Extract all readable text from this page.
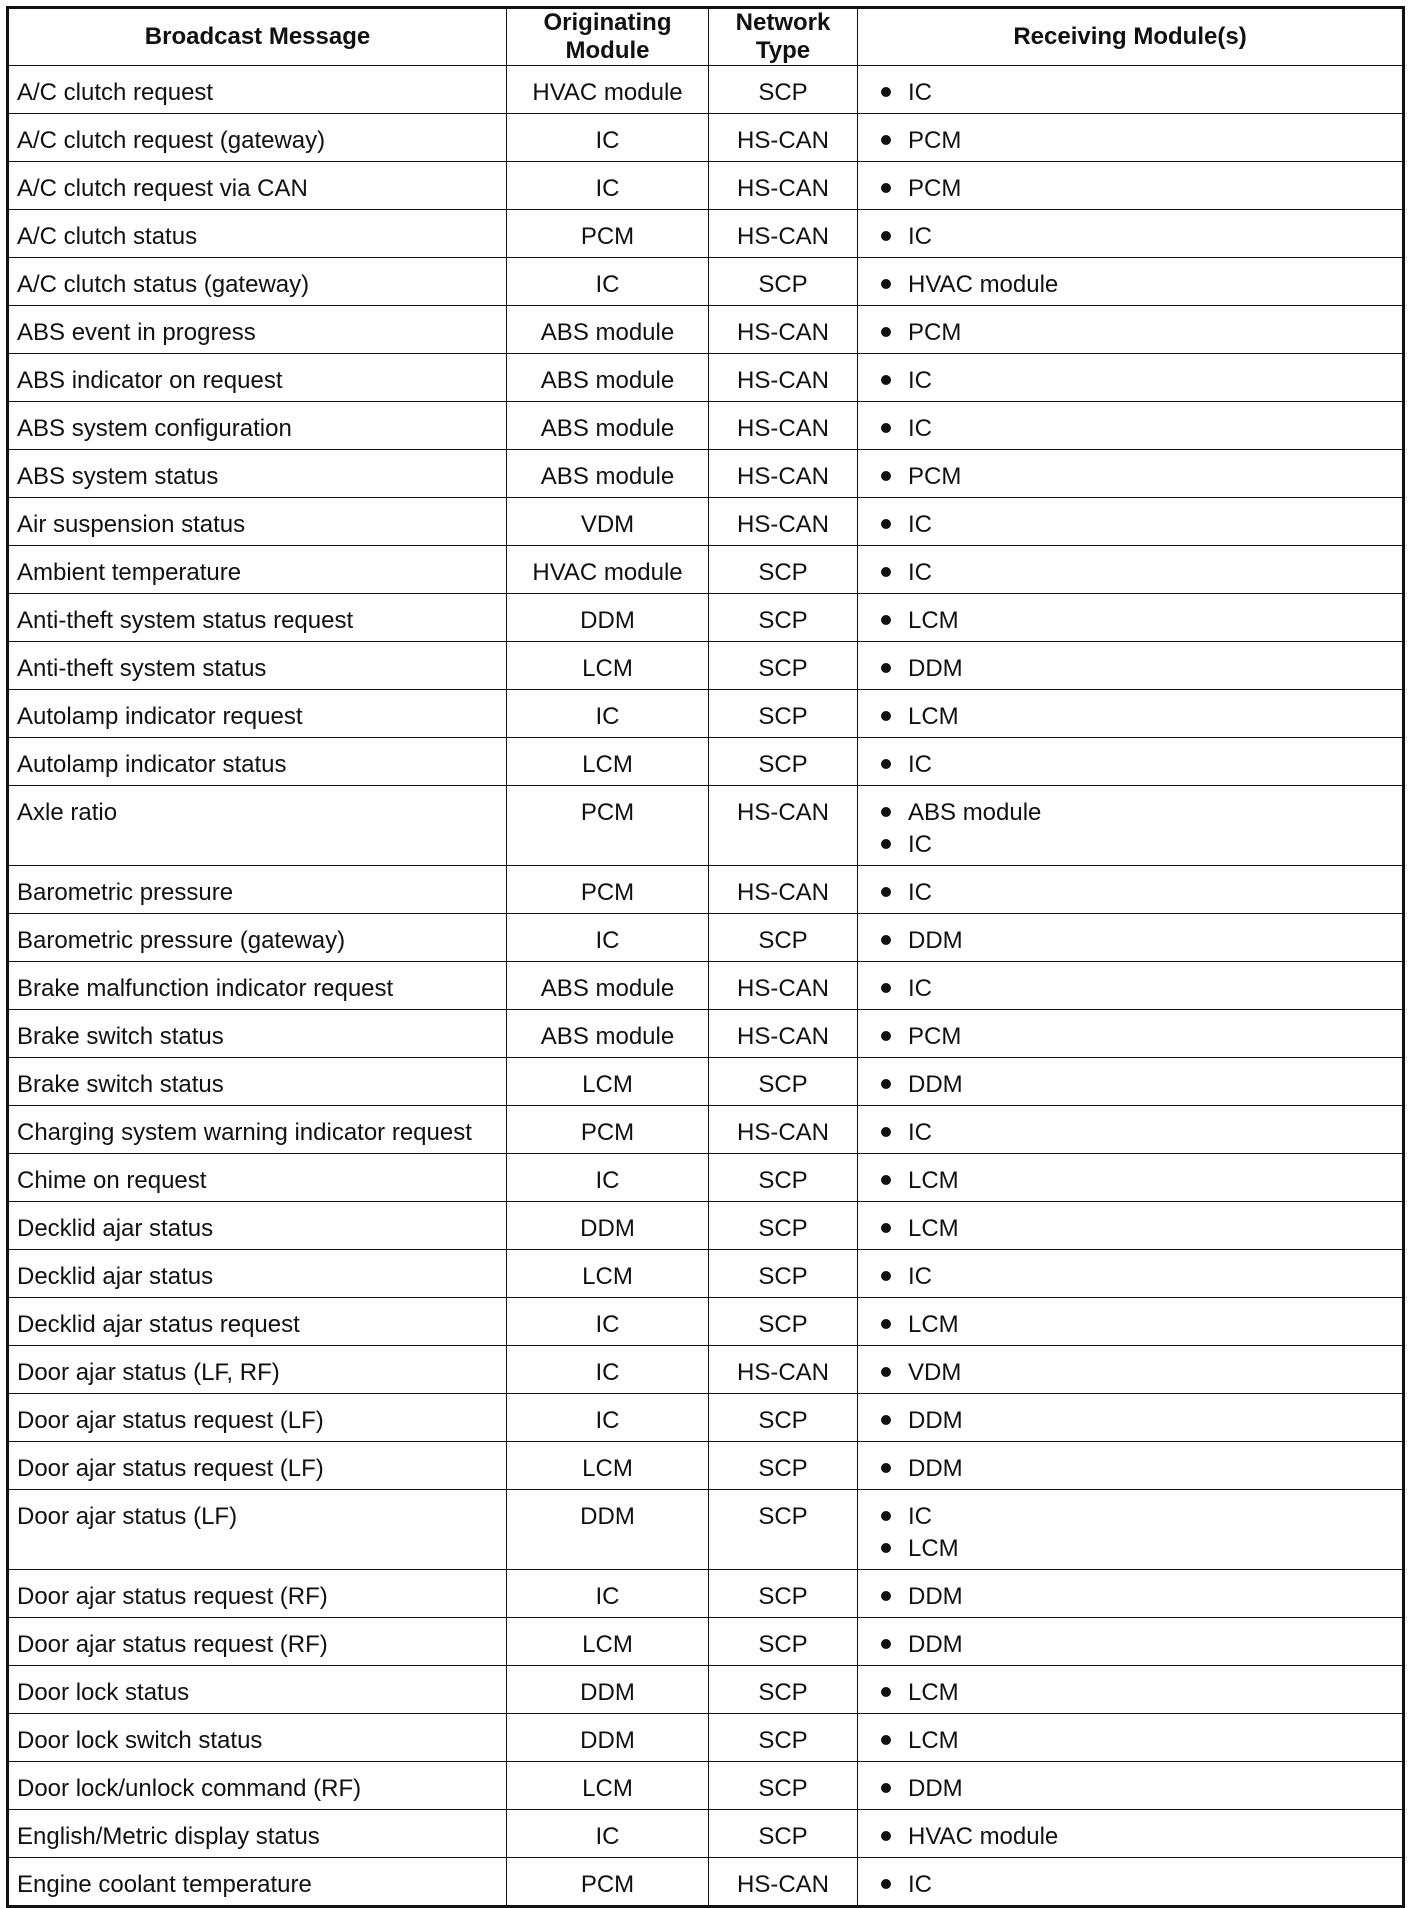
Broadcast Message	Originating Module	Network Type	Receiving Module(s)
A/C clutch request	HVAC module	SCP	IC

A/C clutch request (gateway)	IC	HS-CAN	PCM

A/C clutch request via CAN	IC	HS-CAN	PCM

A/C clutch status	PCM	HS-CAN	IC

A/C clutch status (gateway)	IC	SCP	HVAC module

ABS event in progress	ABS module	HS-CAN	PCM

ABS indicator on request	ABS module	HS-CAN	IC

ABS system configuration	ABS module	HS-CAN	IC

ABS system status	ABS module	HS-CAN	PCM

Air suspension status	VDM	HS-CAN	IC

Ambient temperature	HVAC module	SCP	IC

Anti-theft system status request	DDM	SCP	LCM

Anti-theft system status	LCM	SCP	DDM

Autolamp indicator request	IC	SCP	LCM

Autolamp indicator status	LCM	SCP	IC

Axle ratio	PCM	HS-CAN	ABS module
IC

Barometric pressure	PCM	HS-CAN	IC

Barometric pressure (gateway)	IC	SCP	DDM

Brake malfunction indicator request	ABS module	HS-CAN	IC

Brake switch status	ABS module	HS-CAN	PCM

Brake switch status	LCM	SCP	DDM

Charging system warning indicator request	PCM	HS-CAN	IC

Chime on request	IC	SCP	LCM

Decklid ajar status	DDM	SCP	LCM

Decklid ajar status	LCM	SCP	IC

Decklid ajar status request	IC	SCP	LCM

Door ajar status (LF, RF)	IC	HS-CAN	VDM

Door ajar status request (LF)	IC	SCP	DDM

Door ajar status request (LF)	LCM	SCP	DDM

Door ajar status (LF)	DDM	SCP	IC
LCM

Door ajar status request (RF)	IC	SCP	DDM

Door ajar status request (RF)	LCM	SCP	DDM

Door lock status	DDM	SCP	LCM

Door lock switch status	DDM	SCP	LCM

Door lock/unlock command (RF)	LCM	SCP	DDM

English/Metric display status	IC	SCP	HVAC module

Engine coolant temperature	PCM	HS-CAN	IC
